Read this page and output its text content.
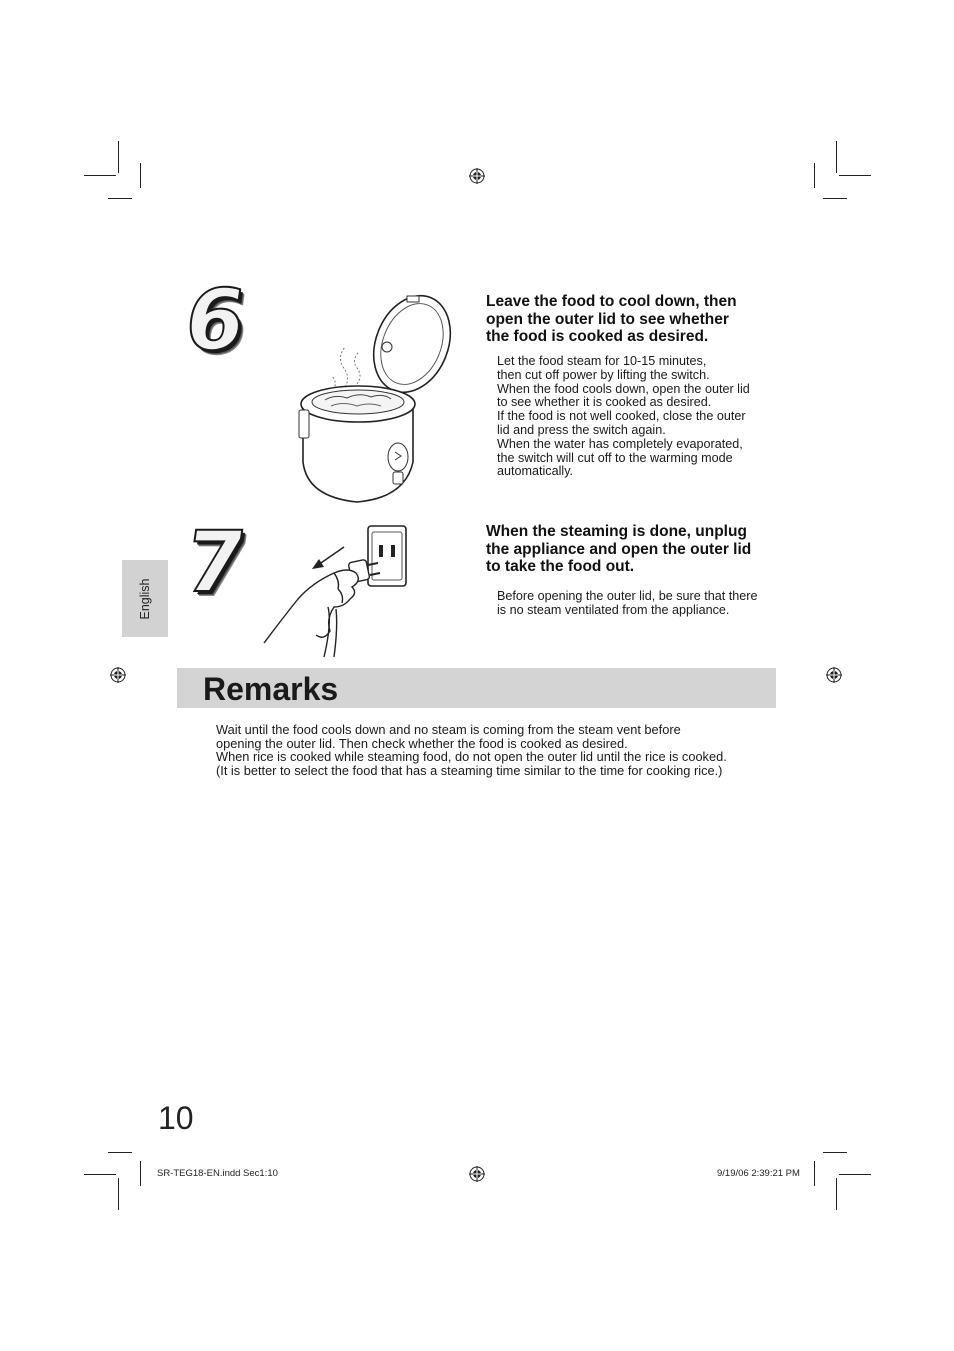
6	Leave the food to cool down, then
open the outer lid to see whether
the food is cooked as desired.
Let the food steam for 10-15 minutes,
then cut off power by lifting the switch.
When the food cools down, open the outer lid
to see whether it is cooked as desired.
If the food is not well cooked, close the outer
lid and press the switch again.
When the water has completely evaporated,
the switch will cut off to the warming mode
automatically.
English 7	When the steaming is done, unplug
the appliance and open the outer lid
to take the food out.
Before opening the outer lid, be sure that there
is no steam ventilated from the appliance.
Remarks
Wait until the food cools down and no steam is coming from the steam vent before
opening the outer lid. Then check whether the food is cooked as desired.
When rice is cooked while steaming food, do not open the outer lid until the rice is cooked.
(It is better to select the food that has a steaming time similar to the time for cooking rice.)
10
SR-TEG18-EN.indd Sec1:10	9/19/06 2:39:21 PM
